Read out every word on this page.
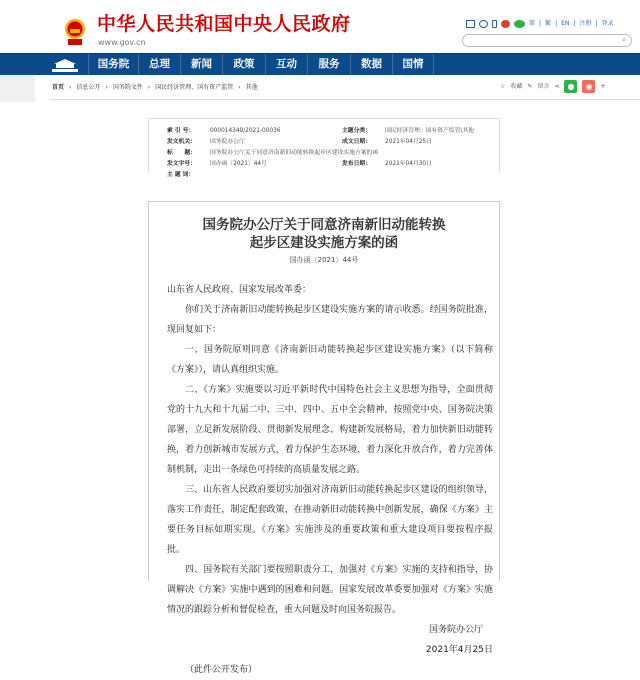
中华人民共和国中央人民政府
www.gov.cn
简 | 繁 | EN | 注册 | 登录
⌕
国务院	总理	新闻	政策	互动	服务	数据	国情
首页 › 信息公开 › 国务院文件 › 国民经济管理、国有资产监管 › 其他	☆ 收藏 ✎ 留言 ⋖	●	◉	+
索 引 号：	000014349/2021-00036	主题分类：	国民经济管理、国有资产监管\其他
发文机关：	国务院办公厅	成文日期：	2021年04月25日
标　　题：	国务院办公厅关于同意济南新旧动能转换起步区建设实施方案的函
发文字号：	国办函〔2021〕44号	发布日期：	2021年04月30日
主 题 词：
国务院办公厅关于同意济南新旧动能转换
起步区建设实施方案的函
国办函〔2021〕44号

山东省人民政府、国家发展改革委：

你们关于济南新旧动能转换起步区建设实施方案的请示收悉。经国务院批准，现回复如下：

一、国务院原则同意《济南新旧动能转换起步区建设实施方案》（以下简称《方案》），请认真组织实施。

二、《方案》实施要以习近平新时代中国特色社会主义思想为指导，全面贯彻党的十九大和十九届二中、三中、四中、五中全会精神，按照党中央、国务院决策部署，立足新发展阶段、贯彻新发展理念、构建新发展格局，着力加快新旧动能转换，着力创新城市发展方式，着力保护生态环境，着力深化开放合作，着力完善体制机制，走出一条绿色可持续的高质量发展之路。

三、山东省人民政府要切实加强对济南新旧动能转换起步区建设的组织领导，落实工作责任，制定配套政策，在推动新旧动能转换中创新发展，确保《方案》主要任务目标如期实现。《方案》实施涉及的重要政策和重大建设项目要按程序报批。

四、国务院有关部门要按照职责分工，加强对《方案》实施的支持和指导，协调解决《方案》实施中遇到的困难和问题。国家发展改革委要加强对《方案》实施情况的跟踪分析和督促检查，重大问题及时向国务院报告。

国务院办公厅

2021年4月25日

（此件公开发布）
